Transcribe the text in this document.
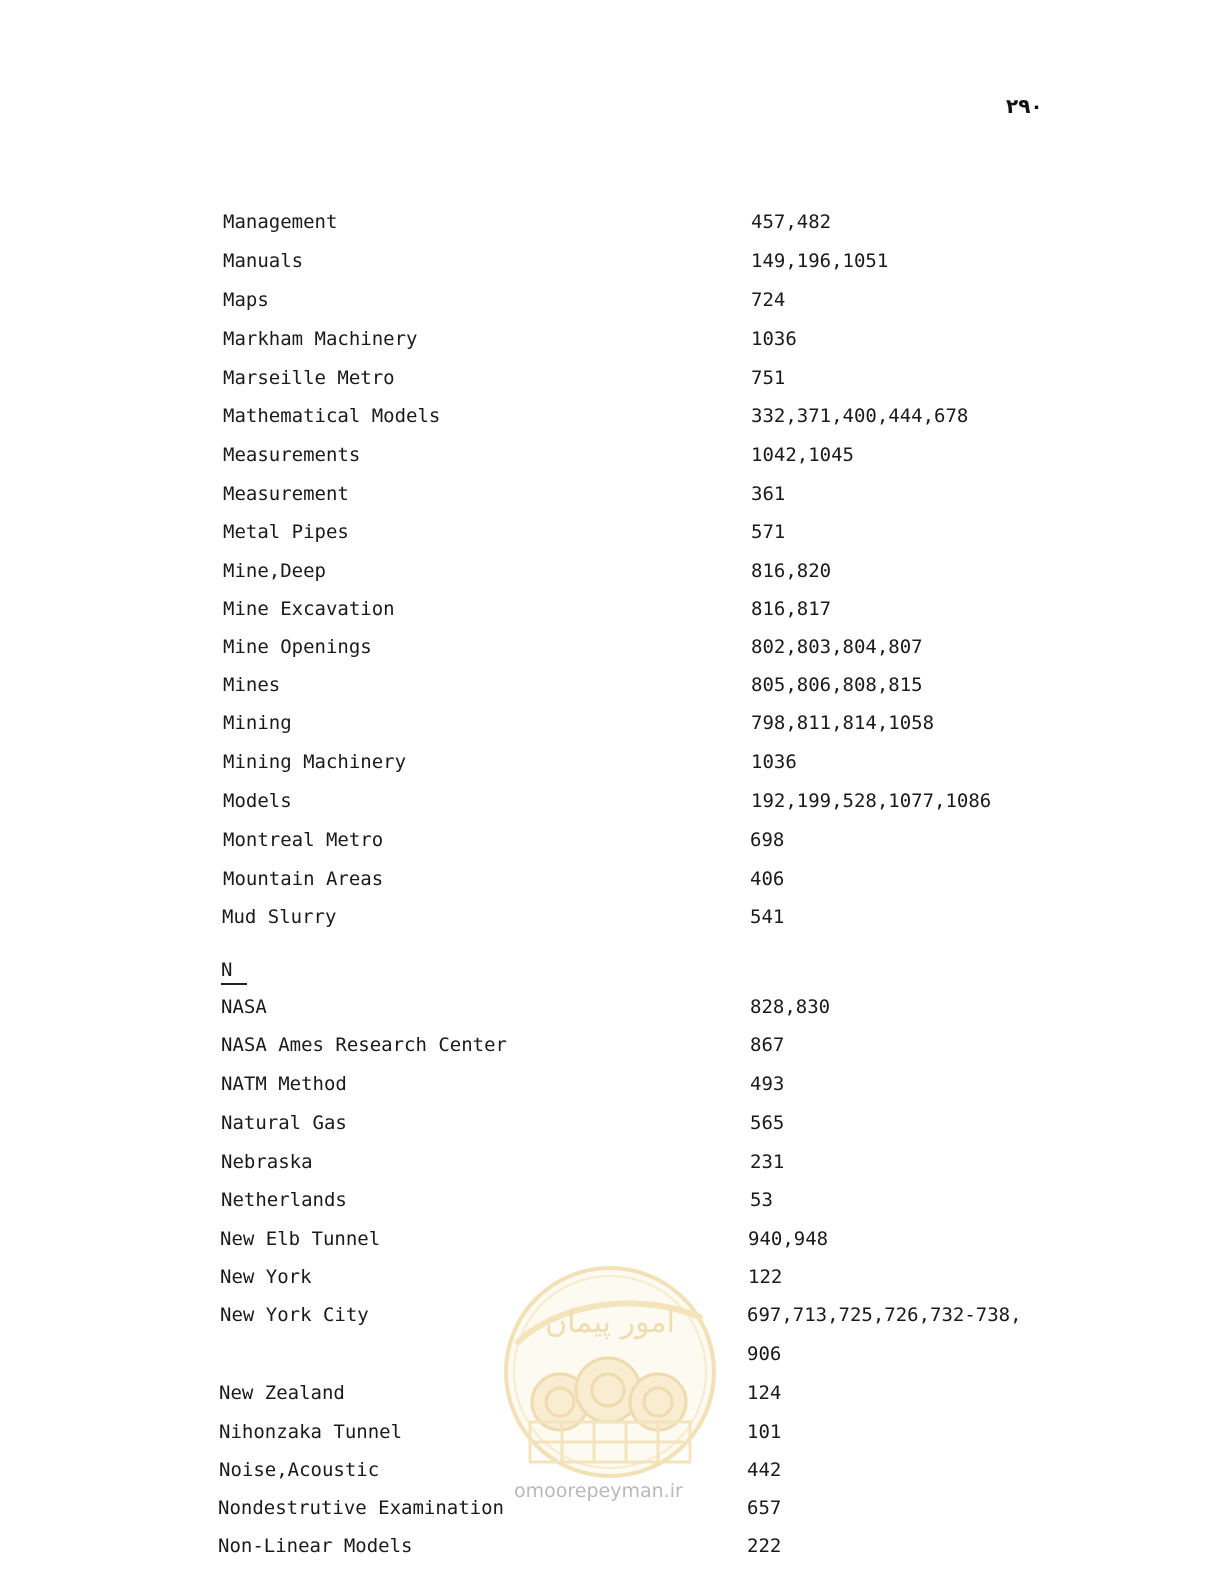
۲۹۰
Management	457,482
Manuals	149,196,1051
Maps	724
Markham Machinery	1036
Marseille Metro	751
Mathematical Models	332,371,400,444,678
Measurements	1042,1045
Measurement	361
Metal Pipes	571
Mine,Deep	816,820
Mine Excavation	816,817
Mine Openings	802,803,804,807
Mines	805,806,808,815
Mining	798,811,814,1058
Mining Machinery	1036
Models	192,199,528,1077,1086
Montreal Metro	698
Mountain Areas	406
Mud Slurry	541
N
NASA	828,830
NASA Ames Research Center	867
NATM Method	493
Natural Gas	565
Nebraska	231
Netherlands	53
New Elb Tunnel	940,948
New York	122
New York City	697,713,725,726,732-738,
906
New Zealand	124
Nihonzaka Tunnel	101
Noise,Acoustic	442
Nondestrutive Examination	657
Non-Linear Models	222
امور پیمان
omoorepeyman.ir
